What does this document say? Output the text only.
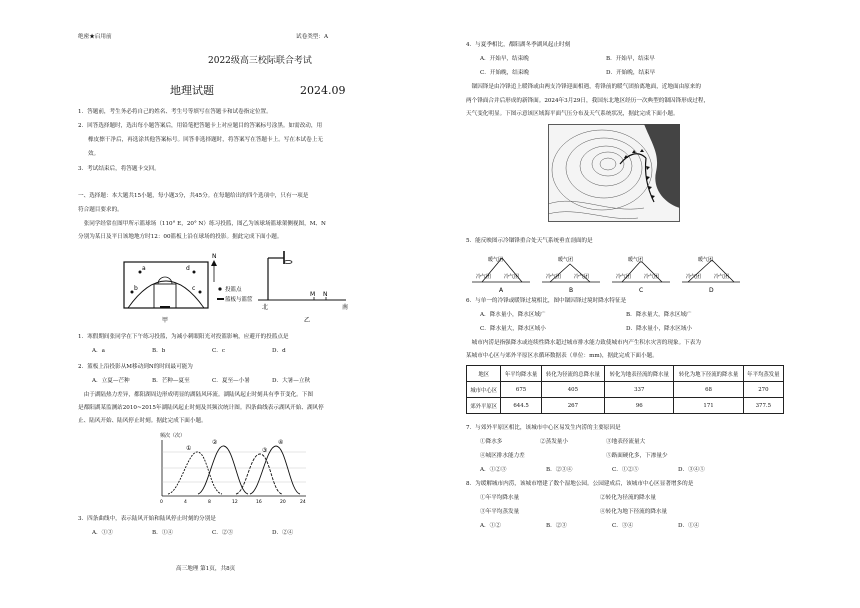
绝密★启用前	试卷类型：A
2022级高三校际联合考试
地理试题	2024.09
1．答题前，考生务必将自己的姓名、考生号等填写在答题卡和试卷指定位置。
2．回答选择题时，选出每小题答案后，用铅笔把答题卡上对应题目的答案标号涂黑。如需改动，用
橡皮擦干净后，再选涂其他答案标号。回答非选择题时，将答案写在答题卡上。写在本试卷上无
效。
3．考试结束后，将答题卡交回。
一、选择题：本大题共15小题，每小题3分，共45分。在每题给出的四个选项中，只有一项是
符合题目要求的。
　张同学经常在图甲所示篮球场（110° E，20° N）练习投篮，图乙为该球场篮球架侧视图，M、N
分别为某日及平日该地地方时12：00篮板上沿在球场的投影。据此完成下面小题。
a
b
d
c
N
投篮点
篮板与篮筐
甲
M N
北	南
乙
1．寒假期间张同学在下午练习投篮，为减小刺眼阳光对投篮影响，应避开的投篮点是
A．a	B．b	C．c	D．d
2．篮板上沿投影从M移动到N的时间最可能为
A．立夏—芒种	B．芒种—夏至	C．夏至—小暑	D．大暑—立秋
　由于湖陆热力差异，都阳湖周边形成明显的湖陆风环流。湖陆风起止时刻具有季节变化。下图
是都阳湖某监测站2010~2015年湖陆风起止时刻及其频次统计图。四条曲线表示湖风开始、湖风停
止、陆风开始、陆风停止时刻。据此完成下面小题。
频次（次）
①
②
③
④
0	4	8	12	16	20	24
3．四条曲线中，表示陆风开始和陆风停止时刻的分别是
A．①③	B．①④	C．②③	D．②④
高三地理 第1页，共8页
4．与夏季相比，都阳湖冬季湖风起止时刻
A．开始早，结束晚	B．开始早，结束早
C．开始晚，结束晚	D．开始晚，结束早
　锢囚锋是由冷锋追上暖锋或由两支冷锋迎面相遇，将锋前的暖气团抬离地面，近地面由原来的
两个锋面合并后形成的新锋面。2024年3月29日，我国东北地区经历一次典型的锢囚锋形成过程，
天气变化明显。下图示意该区域海平面气压分布及天气系统状况，据此完成下面小题。
5．能反映图示冷锢锋重合处天气系统垂直剖面的是
暖气团
冷气团	冷气团
A
暖气团
冷气团	冷气团
B
暖气团
冷气团	冷气团
C
暖气团
冷气团	冷气团
D
6．与单一的冷锋或暖锋过境相比，图中锢囚锋过境时降水特征是
A．降水量小，降水区域广	B．降水量大，降水区域广
C．降水量大，降水区域小	D．降水量小，降水区域小
　城市内涝是指强降水或连续性降水超过城市排水能力致使城市内产生积水灾害的现象。下表为
某城市中心区与郊外平原区水循环数据表（单位：mm)，据此完成下面小题。
地区	年平均降水量	转化为径流的总降水量	转化为地表径流的降水量	转化为地下径流的降水量	年平均蒸发量
城市中心区	675	405	337	68	270
郊外平原区	644.5	267	96	171	377.5
7．与郊外平原区相比，该城市中心区易发生内涝的主要原因是
①降水多	②蒸发量小	③地表径流量大
④城区排水能力差	⑤路面硬化多，下渗量少
A．①②③	B．②③④	C．①②⑤	D．③④⑤
8．为缓解城市内涝，该城市增建了数个湿地公园。公园建成后，该城市中心区显著增多的是
①年平均降水量	②转化为径流的降水量
③年平均蒸发量	④转化为地下径流的降水量
A．①②	B．②③	C．③④	D．①④
